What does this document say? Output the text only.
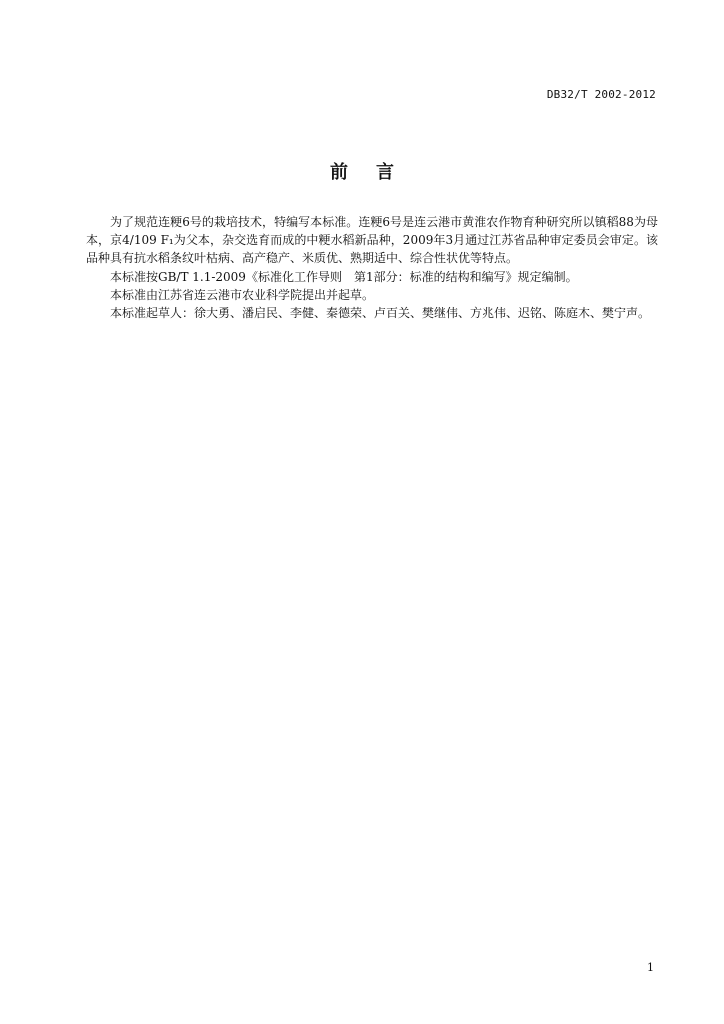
DB32/T 2002-2012
前 言

为了规范连粳6号的栽培技术，特编写本标准。连粳6号是连云港市黄淮农作物育种研究所以镇稻88为母本，京4/109 F₁为父本，杂交选育而成的中粳水稻新品种，2009年3月通过江苏省品种审定委员会审定。该品种具有抗水稻条纹叶枯病、高产稳产、米质优、熟期适中、综合性状优等特点。

本标准按GB/T 1.1-2009《标准化工作导则　第1部分：标准的结构和编写》规定编制。

本标准由江苏省连云港市农业科学院提出并起草。

本标准起草人：徐大勇、潘启民、李健、秦德荣、卢百关、樊继伟、方兆伟、迟铭、陈庭木、樊宁声。

1
